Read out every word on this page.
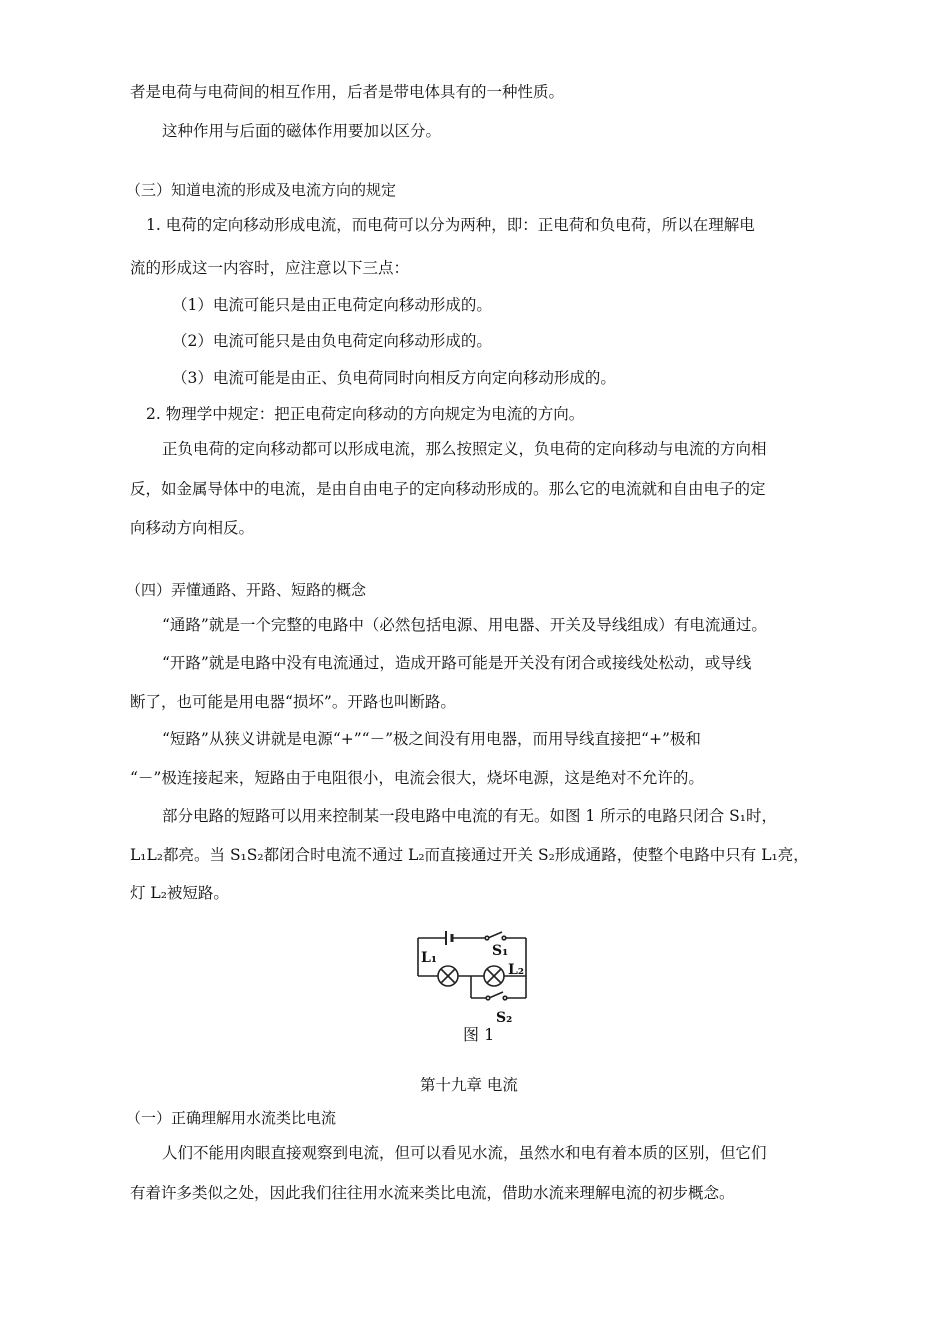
者是电荷与电荷间的相互作用，后者是带电体具有的一种性质。
这种作用与后面的磁体作用要加以区分。
（三）知道电流的形成及电流方向的规定
1. 电荷的定向移动形成电流，而电荷可以分为两种，即：正电荷和负电荷，所以在理解电
流的形成这一内容时，应注意以下三点：
（1）电流可能只是由正电荷定向移动形成的。
（2）电流可能只是由负电荷定向移动形成的。
（3）电流可能是由正、负电荷同时向相反方向定向移动形成的。
2. 物理学中规定：把正电荷定向移动的方向规定为电流的方向。
正负电荷的定向移动都可以形成电流，那么按照定义，负电荷的定向移动与电流的方向相
反，如金属导体中的电流，是由自由电子的定向移动形成的。那么它的电流就和自由电子的定
向移动方向相反。
（四）弄懂通路、开路、短路的概念
“通路”就是一个完整的电路中（必然包括电源、用电器、开关及导线组成）有电流通过。
“开路”就是电路中没有电流通过，造成开路可能是开关没有闭合或接线处松动，或导线
断了，也可能是用电器“损坏”。开路也叫断路。
“短路”从狭义讲就是电源“+”“－”极之间没有用电器，而用导线直接把“+”极和
“－”极连接起来，短路由于电阻很小，电流会很大，烧坏电源，这是绝对不允许的。
部分电路的短路可以用来控制某一段电路中电流的有无。如图 1 所示的电路只闭合 S₁时，
L₁L₂都亮。当 S₁S₂都闭合时电流不通过 L₂而直接通过开关 S₂形成通路，使整个电路中只有 L₁亮，
灯 L₂被短路。
L₁	S₁
L₂
S₂
图 1
第十九章 电流
（一）正确理解用水流类比电流
人们不能用肉眼直接观察到电流，但可以看见水流，虽然水和电有着本质的区别，但它们
有着许多类似之处，因此我们往往用水流来类比电流，借助水流来理解电流的初步概念。
